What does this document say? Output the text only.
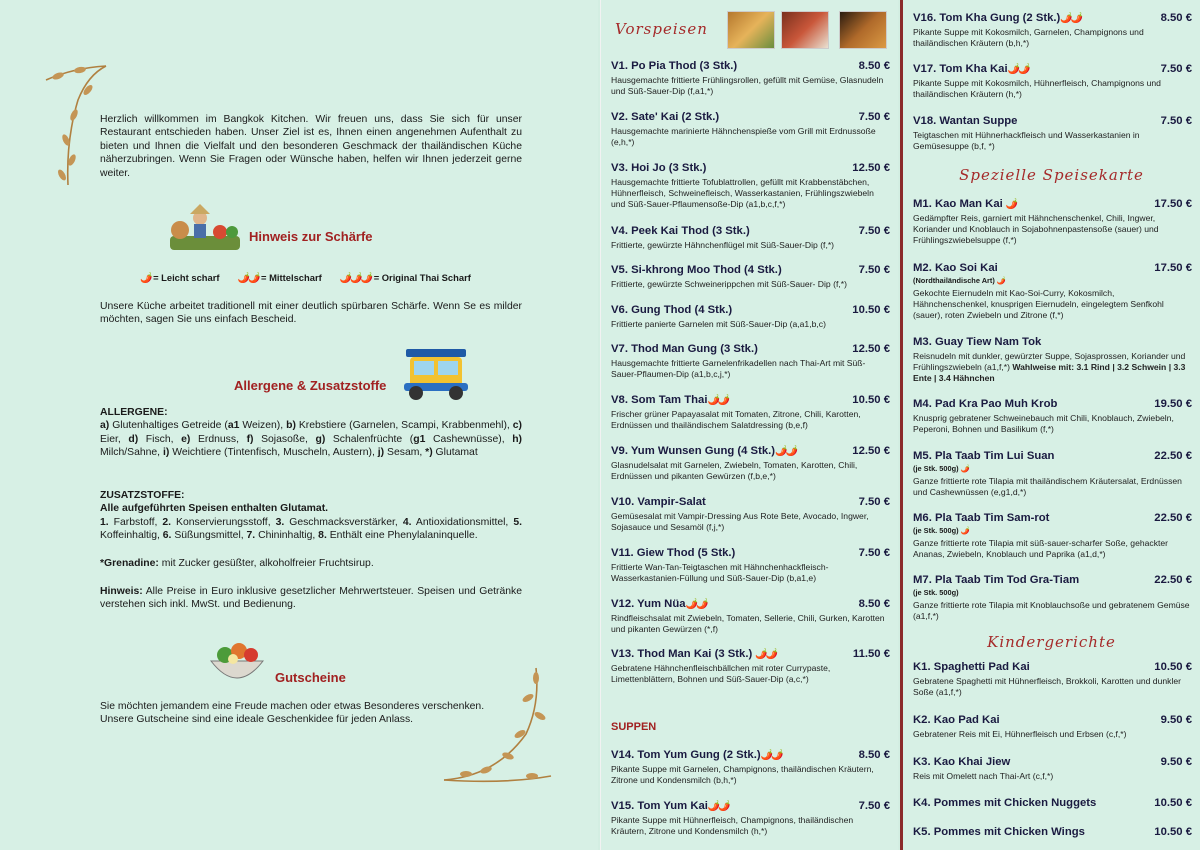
Herzlich willkommen im Bangkok Kitchen. Wir freuen uns, dass Sie sich für unser Restaurant entschieden haben. Unser Ziel ist es, Ihnen einen angenehmen Aufenthalt zu bieten und Ihnen die Vielfalt und den besonderen Geschmack der thailändischen Küche näherzubringen. Wenn Sie Fragen oder Wünsche haben, helfen wir Ihnen jederzeit gerne weiter.

Hinweis zur Schärfe
🌶️ = Leicht scharf 🌶️🌶️ = Mittelscharf 🌶️🌶️🌶️ = Original Thai Scharf

Unsere Küche arbeitet traditionell mit einer deutlich spürbaren Schärfe. Wenn Se es milder möchten, sagen Sie uns einfach Bescheid.

Allergene & Zusatzstoffe
ALLERGENE:
a) Glutenhaltiges Getreide (a1 Weizen), b) Krebstiere (Garnelen, Scampi, Krabbenmehl), c) Eier, d) Fisch, e) Erdnuss, f) Sojasoße, g) Schalenfrüchte (g1 Cashewnüsse), h) Milch/Sahne, i) Weichtiere (Tintenfisch, Muscheln, Austern), j) Sesam, *) Glutamat
ZUSATZSTOFFE:
Alle aufgeführten Speisen enthalten Glutamat.
1. Farbstoff, 2. Konservierungsstoff, 3. Geschmacksverstärker, 4. Antioxidationsmittel, 5. Koffeinhaltig, 6. Süßungsmittel, 7. Chininhaltig, 8. Enthält eine Phenylalaninquelle.

*Grenadine: mit Zucker gesüßter, alkoholfreier Fruchtsirup.

Hinweis: Alle Preise in Euro inklusive gesetzlicher Mehrwertsteuer. Speisen und Getränke verstehen sich inkl. MwSt. und Bedienung.

Gutscheine

Sie möchten jemandem eine Freude machen oder etwas Besonderes verschenken. Unsere Gutscheine sind eine ideale Geschenkidee für jeden Anlass.

Vorspeisen
V1. Po Pia Thod (3 Stk.)	8.50 €
Hausgemachte frittierte Frühlingsrollen, gefüllt mit Gemüse, Glasnudeln und Süß-Sauer-Dip (f,a1,*)
V2. Sate' Kai (2 Stk.)	7.50 €
Hausgemachte marinierte Hähnchenspieße vom Grill mit Erdnussoße (e,h,*)
V3. Hoi Jo (3 Stk.)	12.50 €
Hausgemachte frittierte Tofublattrollen, gefüllt mit Krabbenstäbchen, Hühnerfleisch, Schweinefleisch, Wasserkastanien, Frühlingszwiebeln und Süß-Sauer-Pflaumensoße-Dip (a1,b,c,f,*)
V4. Peek Kai Thod (3 Stk.)	7.50 €
Frittierte, gewürzte Hähnchenflügel mit Süß-Sauer-Dip (f,*)
V5. Si-khrong Moo Thod (4 Stk.)	7.50 €
Frittierte, gewürzte Schweinerippchen mit Süß-Sauer- Dip (f,*)
V6. Gung Thod (4 Stk.)	10.50 €
Frittierte panierte Garnelen mit Süß-Sauer-Dip (a,a1,b,c)
V7. Thod Man Gung (3 Stk.)	12.50 €
Hausgemachte frittierte Garnelenfrikadellen nach Thai-Art mit Süß-Sauer-Pflaumen-Dip (a1,b,c,j,*)
V8. Som Tam Thai🌶️🌶️	10.50 €
Frischer grüner Papayasalat mit Tomaten, Zitrone, Chili, Karotten, Erdnüssen und thailändischem Salatdressing (b,e,f)
V9. Yum Wunsen Gung (4 Stk.)🌶️🌶️	12.50 €
Glasnudelsalat mit Garnelen, Zwiebeln, Tomaten, Karotten, Chili, Erdnüssen und pikanten Gewürzen (f,b,e,*)
V10. Vampir-Salat	7.50 €
Gemüsesalat mit Vampir-Dressing Aus Rote Bete, Avocado, Ingwer, Sojasauce und Sesamöl (f,j,*)
V11. Giew Thod (5 Stk.)	7.50 €
Frittierte Wan-Tan-Teigtaschen mit Hähnchenhackfleisch-Wasserkastanien-Füllung und Süß-Sauer-Dip (b,a1,e)
V12. Yum Nüa🌶️🌶️	8.50 €
Rindfleischsalat mit Zwiebeln, Tomaten, Sellerie, Chili, Gurken, Karotten und pikanten Gewürzen (*,f)
V13. Thod Man Kai (3 Stk.) 🌶️🌶️	11.50 €
Gebratene Hähnchenfleischbällchen mit roter Currypaste, Limettenblättern, Bohnen und Süß-Sauer-Dip (a,c,*)
SUPPEN
V14. Tom Yum Gung (2 Stk.)🌶️🌶️	8.50 €
Pikante Suppe mit Garnelen, Champignons, thailändischen Kräutern, Zitrone und Kondensmilch (b,h,*)
V15. Tom Yum Kai🌶️🌶️	7.50 €
Pikante Suppe mit Hühnerfleisch, Champignons, thailändischen Kräutern, Zitrone und Kondensmilch (h,*)
V16. Tom Kha Gung (2 Stk.)🌶️🌶️	8.50 €
Pikante Suppe mit Kokosmilch, Garnelen, Champignons und thailändischen Kräutern (b,h,*)
V17. Tom Kha Kai🌶️🌶️	7.50 €
Pikante Suppe mit Kokosmilch, Hühnerfleisch, Champignons und thailändischen Kräutern (h,*)
V18. Wantan Suppe	7.50 €
Teigtaschen mit Hühnerhackfleisch und Wasserkastanien in Gemüsesuppe (b,f, *)
Spezielle Speisekarte
M1. Kao Man Kai 🌶️	17.50 €
Gedämpfter Reis, garniert mit Hähnchenschenkel, Chili, Ingwer, Koriander und Knoblauch in Sojabohnenpastensoße (sauer) und Frühlingszwiebelsuppe (f,*)
M2. Kao Soi Kai	17.50 €
(Nordthailändische Art) 🌶️
Gekochte Eiernudeln mit Kao-Soi-Curry, Kokosmilch, Hähnchenschenkel, knusprigen Eiernudeln, eingelegtem Senfkohl (sauer), roten Zwiebeln und Zitrone (f,*)
M3. Guay Tiew Nam Tok
Reisnudeln mit dunkler, gewürzter Suppe, Sojasprossen, Koriander und Frühlingszwiebeln (a1,f,*) Wahlweise mit: 3.1 Rind | 3.2 Schwein | 3.3 Ente | 3.4 Hähnchen
M4. Pad Kra Pao Muh Krob	19.50 €
Knusprig gebratener Schweinebauch mit Chili, Knoblauch, Zwiebeln, Peperoni, Bohnen und Basilikum (f,*)
M5. Pla Taab Tim Lui Suan	22.50 €
(je Stk. 500g) 🌶️
Ganze frittierte rote Tilapia mit thailändischem Kräutersalat, Erdnüssen und Cashewnüssen (e,g1,d,*)
M6. Pla Taab Tim Sam-rot	22.50 €
(je Stk. 500g) 🌶️
Ganze frittierte rote Tilapia mit süß-sauer-scharfer Soße, gehackter Ananas, Zwiebeln, Knoblauch und Paprika (a1,d,*)
M7. Pla Taab Tim Tod Gra-Tiam	22.50 €
(je Stk. 500g)
Ganze frittierte rote Tilapia mit Knoblauchsoße und gebratenem Gemüse (a1,f,*)
Kindergerichte
K1. Spaghetti Pad Kai	10.50 €
Gebratene Spaghetti mit Hühnerfleisch, Brokkoli, Karotten und dunkler Soße (a1,f,*)
K2. Kao Pad Kai	9.50 €
Gebratener Reis mit Ei, Hühnerfleisch und Erbsen (c,f,*)
K3. Kao Khai Jiew	9.50 €
Reis mit Omelett nach Thai-Art (c,f,*)
K4. Pommes mit Chicken Nuggets	10.50 €
K5. Pommes mit Chicken Wings	10.50 €
